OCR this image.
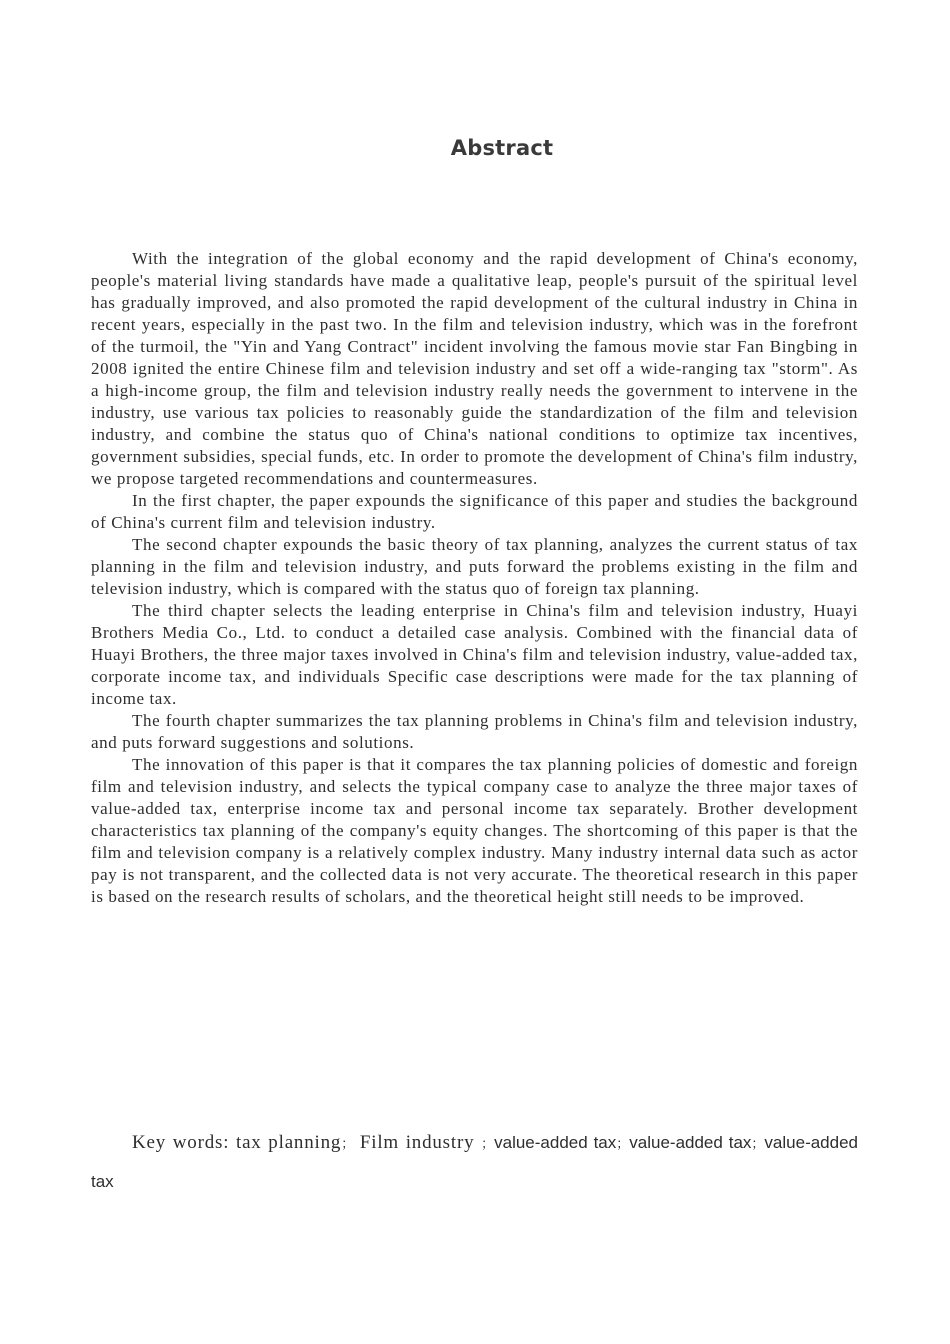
Abstract

With the integration of the global economy and the rapid development of China's economy, people's material living standards have made a qualitative leap, people's pursuit of the spiritual level has gradually improved, and also promoted the rapid development of the cultural industry in China in recent years, especially in the past two. In the film and television industry, which was in the forefront of the turmoil, the "Yin and Yang Contract" incident involving the famous movie star Fan Bingbing in 2008 ignited the entire Chinese film and television industry and set off a wide-ranging tax "storm". As a high-income group, the film and television industry really needs the government to intervene in the industry, use various tax policies to reasonably guide the standardization of the film and television industry, and combine the status quo of China's national conditions to optimize tax incentives, government subsidies, special funds, etc. In order to promote the development of China's film industry, we propose targeted recommendations and countermeasures.

In the first chapter, the paper expounds the significance of this paper and studies the background of China's current film and television industry.

The second chapter expounds the basic theory of tax planning, analyzes the current status of tax planning in the film and television industry, and puts forward the problems existing in the film and television industry, which is compared with the status quo of foreign tax planning.

The third chapter selects the leading enterprise in China's film and television industry, Huayi Brothers Media Co., Ltd. to conduct a detailed case analysis. Combined with the financial data of Huayi Brothers, the three major taxes involved in China's film and television industry, value-added tax, corporate income tax, and individuals Specific case descriptions were made for the tax planning of income tax.

The fourth chapter summarizes the tax planning problems in China's film and television industry, and puts forward suggestions and solutions.

The innovation of this paper is that it compares the tax planning policies of domestic and foreign film and television industry, and selects the typical company case to analyze the three major taxes of value-added tax, enterprise income tax and personal income tax separately. Brother development characteristics tax planning of the company's equity changes. The shortcoming of this paper is that the film and television company is a relatively complex industry. Many industry internal data such as actor pay is not transparent, and the collected data is not very accurate. The theoretical research in this paper is based on the research results of scholars, and the theoretical height still needs to be improved.

Key words: tax planning； Film industry ；value-added tax；value-added tax；value-added tax
